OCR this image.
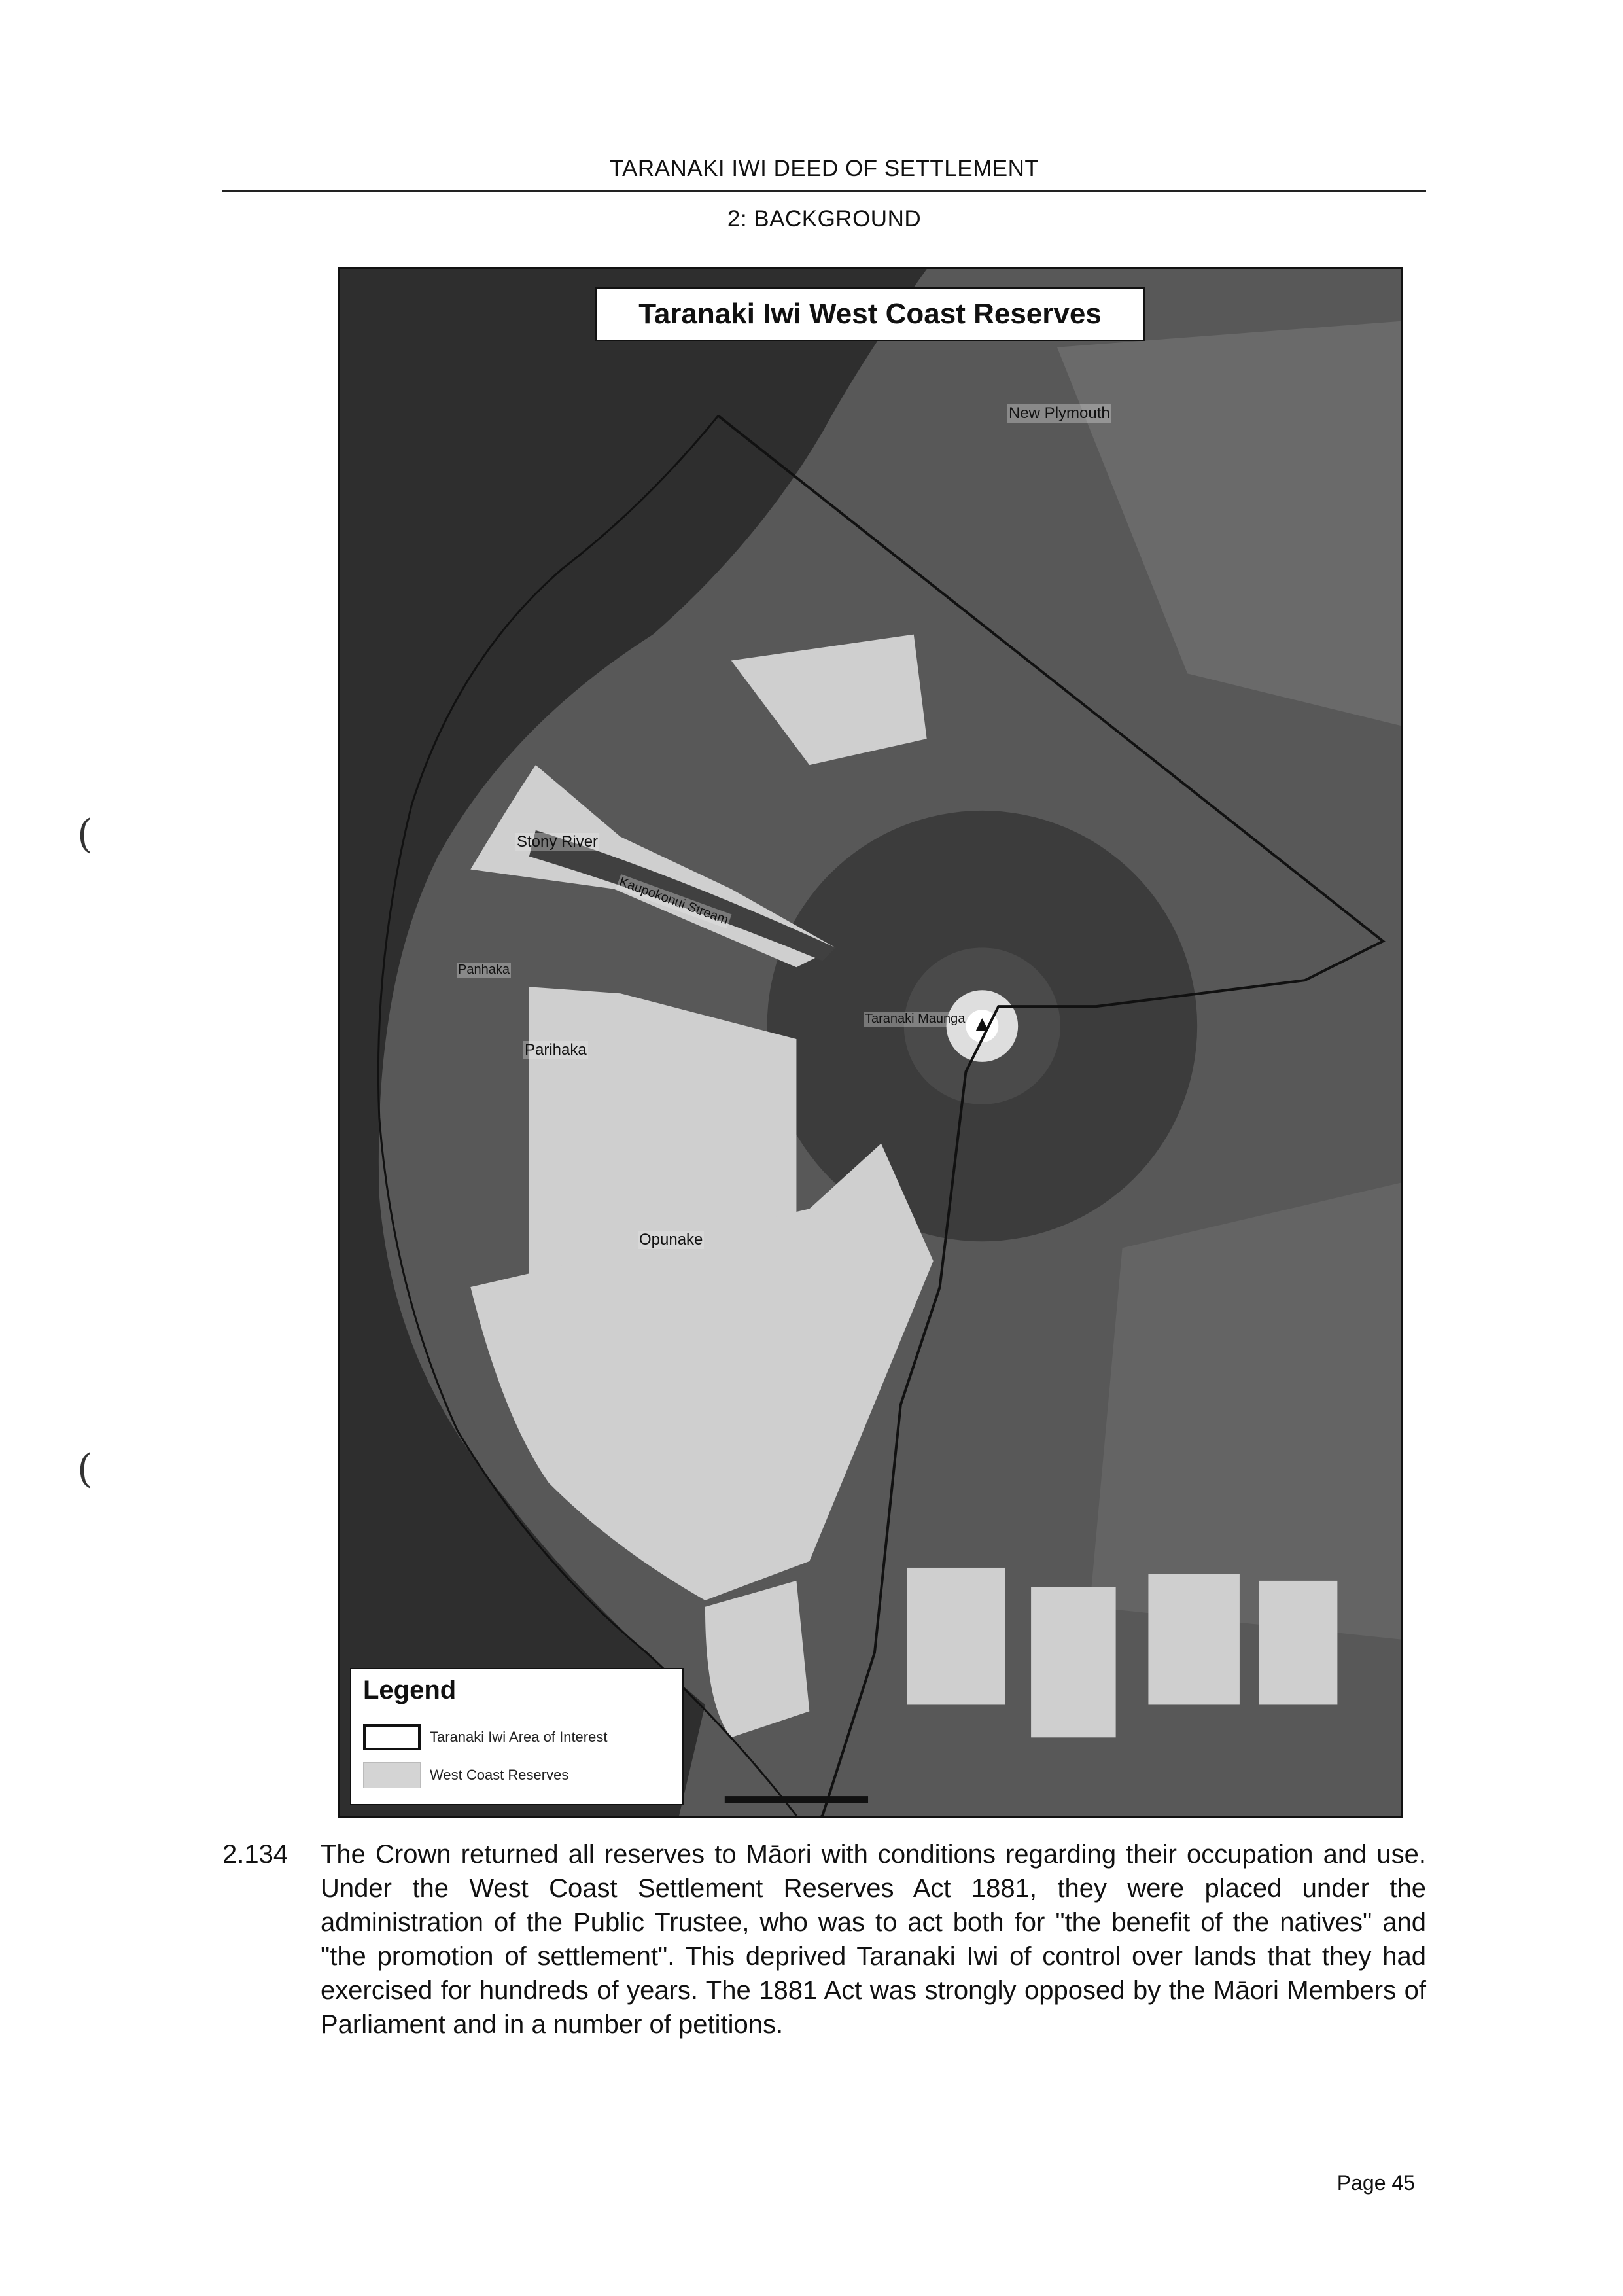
TARANAKI IWI DEED OF SETTLEMENT
2: BACKGROUND
(
(
Taranaki Iwi West Coast Reserves
New Plymouth
Stony River
Kaupokonui Stream
Panhaka
Parihaka
Taranaki Maunga
Opunake
Legend
Taranaki Iwi Area of Interest
West Coast Reserves
2.134 The Crown returned all reserves to Māori with conditions regarding their occupation and use. Under the West Coast Settlement Reserves Act 1881, they were placed under the administration of the Public Trustee, who was to act both for "the benefit of the natives" and "the promotion of settlement". This deprived Taranaki Iwi of control over lands that they had exercised for hundreds of years. The 1881 Act was strongly opposed by the Māori Members of Parliament and in a number of petitions.
Page 45
